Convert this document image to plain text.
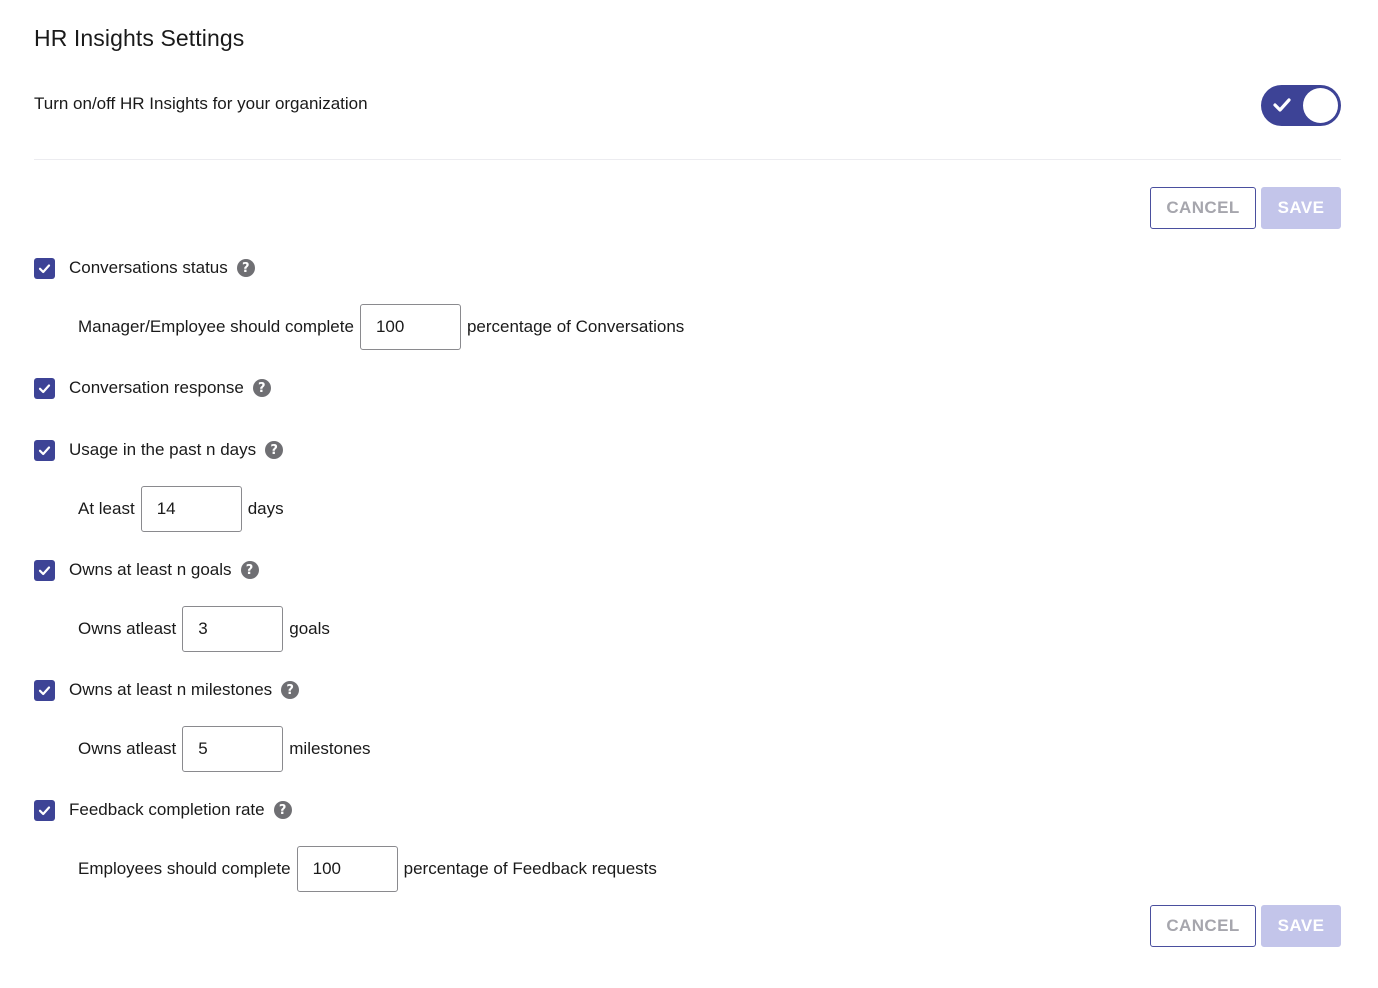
HR Insights Settings
Turn on/off HR Insights for your organization
CANCEL	SAVE
Conversations status	?
Manager/Employee should complete
100	percentage of Conversations
Conversation response	?
Usage in the past n days	?
At least
14	days
Owns at least n goals	?
Owns atleast
3	goals
Owns at least n milestones	?
Owns atleast
5	milestones
Feedback completion rate	?
Employees should complete
100	percentage of Feedback requests
CANCEL	SAVE
